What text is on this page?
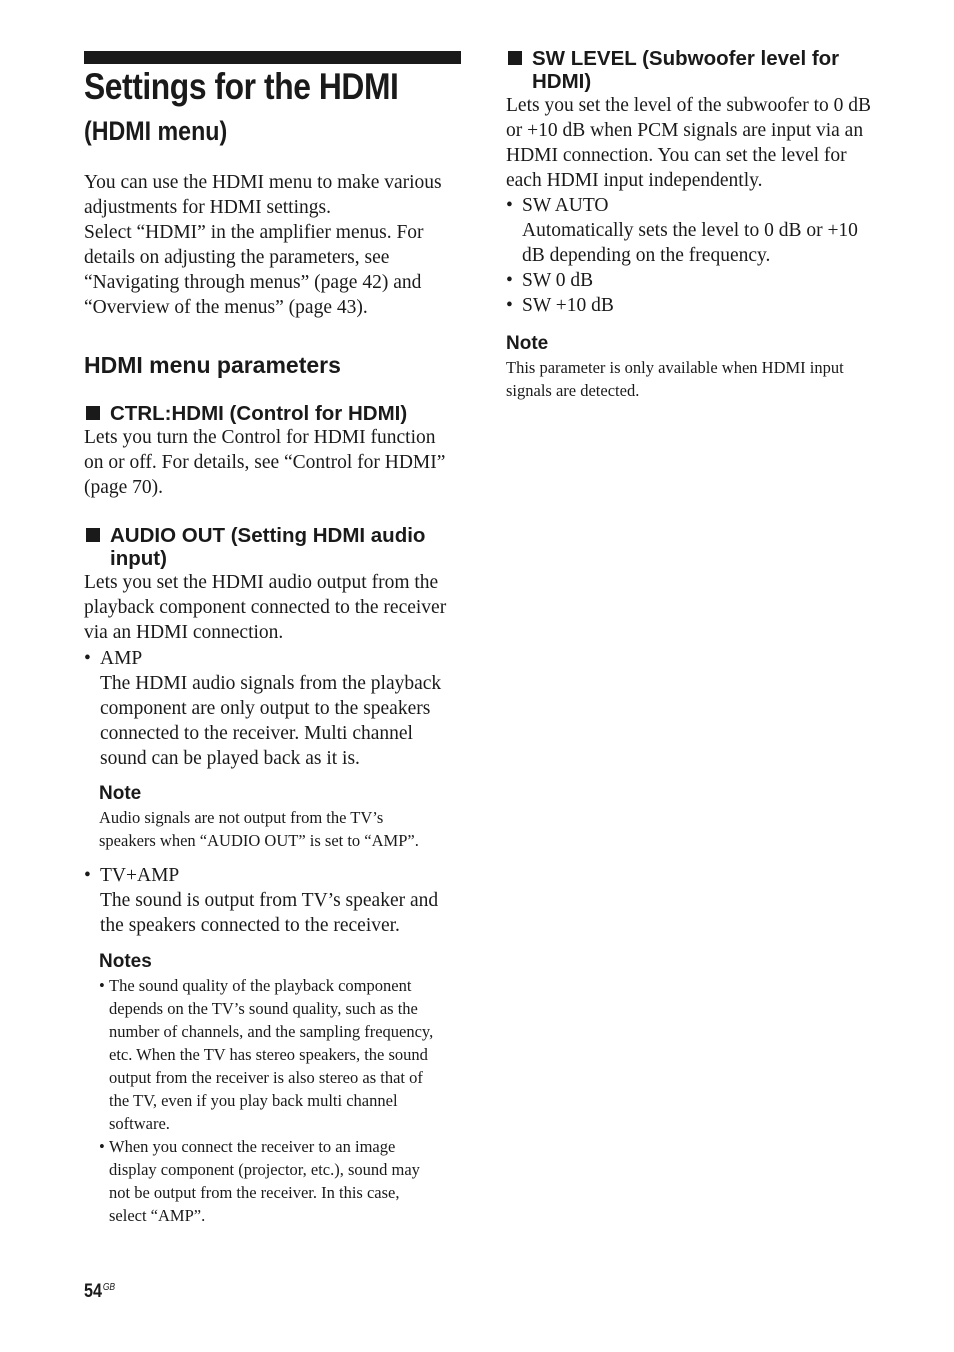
Settings for the HDMI
(HDMI menu)

You can use the HDMI menu to make various

adjustments for HDMI settings.

Select “HDMI” in the amplifier menus. For

details on adjusting the parameters, see

“Navigating through menus” (page 42) and

“Overview of the menus” (page 43).

HDMI menu parameters
CTRL:HDMI (Control for HDMI)

Lets you turn the Control for HDMI function

on or off. For details, see “Control for HDMI”

(page 70).

AUDIO OUT (Setting HDMI audio
input)

Lets you set the HDMI audio output from the

playback component connected to the receiver

via an HDMI connection.

• AMP

The HDMI audio signals from the playback

component are only output to the speakers

connected to the receiver. Multi channel

sound can be played back as it is.

Note

Audio signals are not output from the TV’s

speakers when “AUDIO OUT” is set to “AMP”.

• TV+AMP

The sound is output from TV’s speaker and

the speakers connected to the receiver.

Notes

• The sound quality of the playback component

depends on the TV’s sound quality, such as the

number of channels, and the sampling frequency,

etc. When the TV has stereo speakers, the sound

output from the receiver is also stereo as that of

the TV, even if you play back multi channel

software.

• When you connect the receiver to an image

display component (projector, etc.), sound may

not be output from the receiver. In this case,

select “AMP”.

SW LEVEL (Subwoofer level for
HDMI)

Lets you set the level of the subwoofer to 0 dB

or +10 dB when PCM signals are input via an

HDMI connection. You can set the level for

each HDMI input independently.

• SW AUTO

Automatically sets the level to 0 dB or +10

dB depending on the frequency.

• SW 0 dB

• SW +10 dB

Note

This parameter is only available when HDMI input

signals are detected.

$54^{GB}$
